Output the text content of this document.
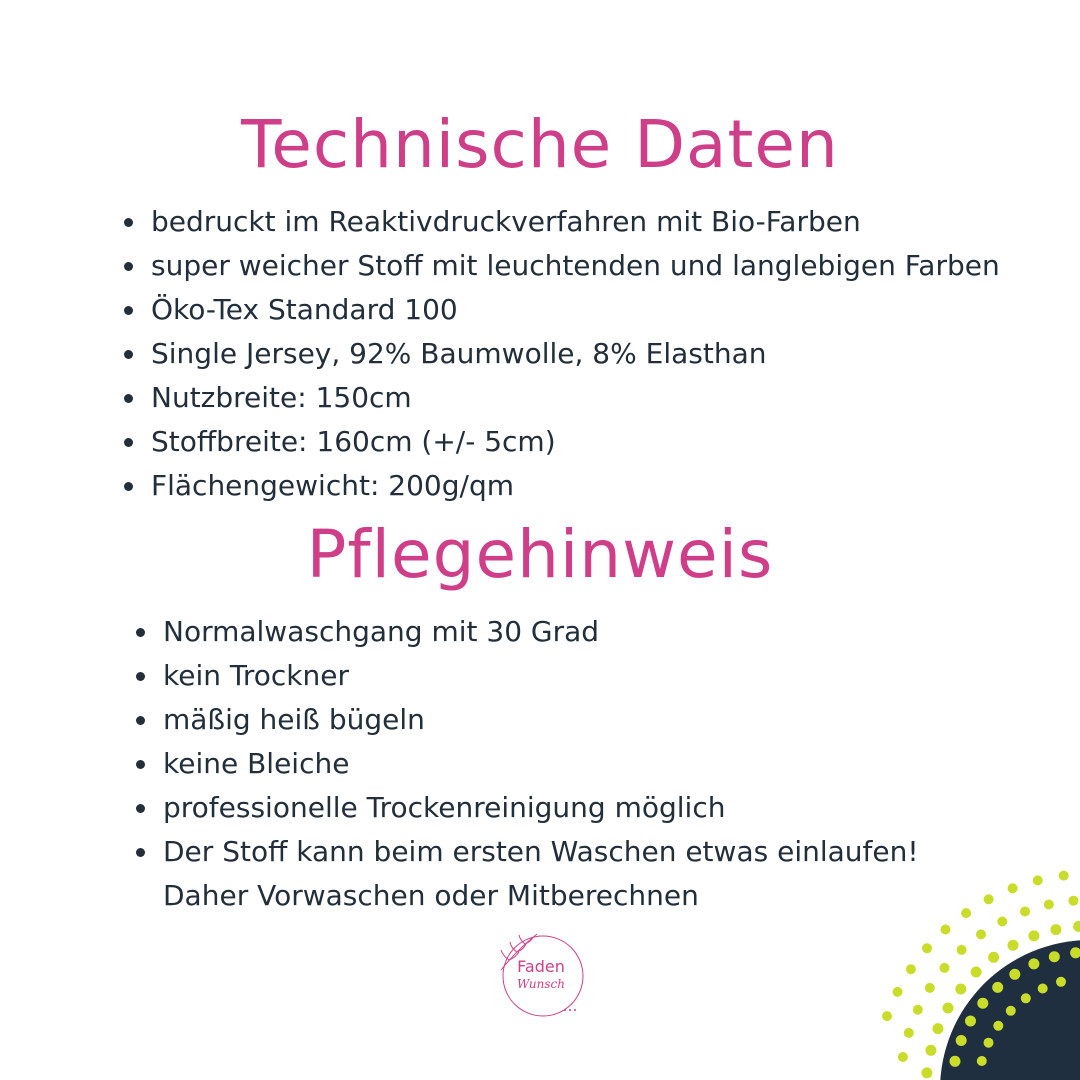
Technische Daten
bedruckt im Reaktivdruckverfahren mit Bio-Farben
super weicher Stoff mit leuchtenden und langlebigen Farben
Öko-Tex Standard 100
Single Jersey, 92% Baumwolle, 8% Elasthan
Nutzbreite: 150cm
Stoffbreite: 160cm (+/- 5cm)
Flächengewicht: 200g/qm
Pflegehinweis
Normalwaschgang mit 30 Grad
kein Trockner
mäßig heiß bügeln
keine Bleiche
professionelle Trockenreinigung möglich
Der Stoff kann beim ersten Waschen etwas einlaufen!
Daher Vorwaschen oder Mitberechnen
Faden
Wunsch
